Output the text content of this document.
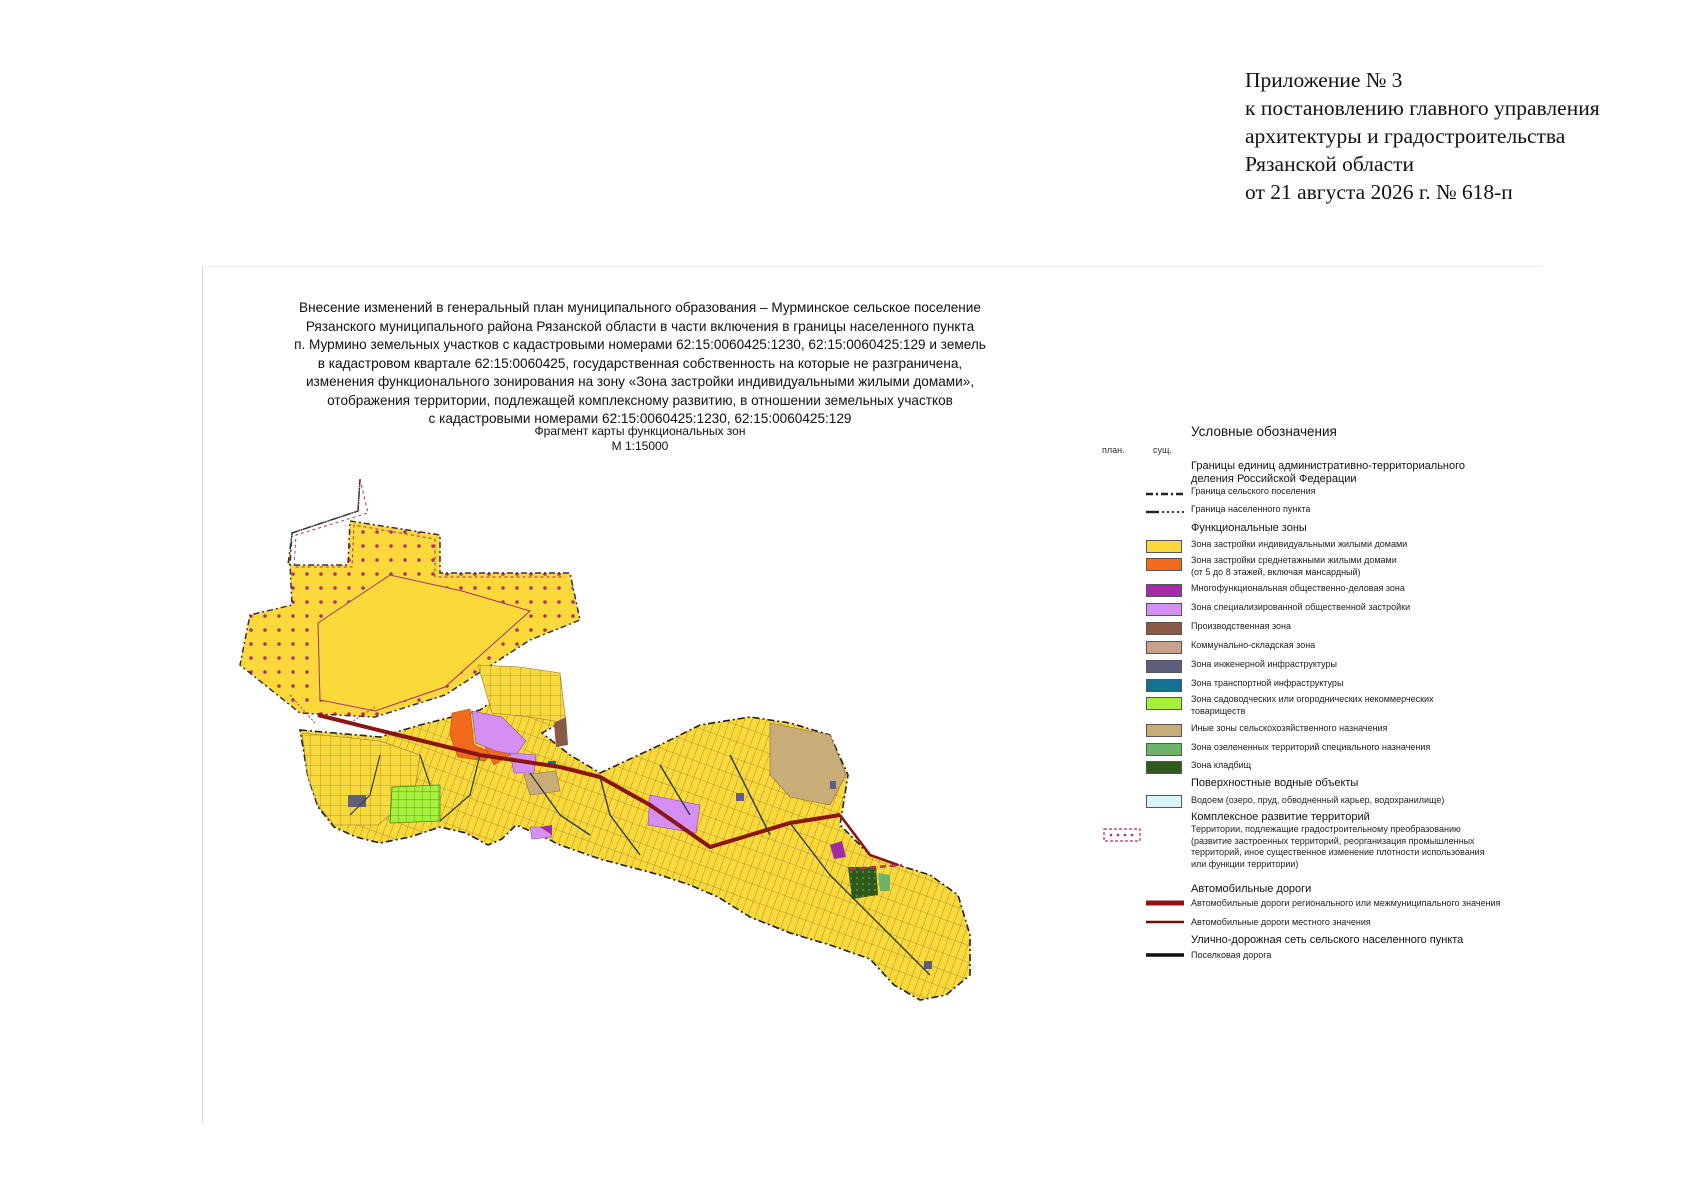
Приложение № 3
к постановлению главного управления
архитектуры и градостроительства
Рязанской области
от 21 августа 2026 г. № 618-п
Внесение изменений в генеральный план муниципального образования – Мурминское сельское поселение
Рязанского муниципального района Рязанской области в части включения в границы населенного пункта
п. Мурмино земельных участков с кадастровыми номерами 62:15:0060425:1230, 62:15:0060425:129 и земель
в кадастровом квартале 62:15:0060425, государственная собственность на которые не разграничена,
изменения функционального зонирования на зону «Зона застройки индивидуальными жилыми домами»,
отображения территории, подлежащей комплексному развитию, в отношении земельных участков
с кадастровыми номерами 62:15:0060425:1230, 62:15:0060425:129
Фрагмент карты функциональных зон
М 1:15000
Условные обозначения
план.	сущ.
Границы единиц административно-территориального
деления Российской Федерации
Граница сельского поселения
Граница населенного пункта
Функциональные зоны
Зона застройки индивидуальными жилыми домами
Зона застройки среднетажными жилыми домами
(от 5 до 8 этажей, включая мансардный)
Многофункциональная общественно-деловая зона
Зона специализированной общественной застройки
Производственная зона
Коммунально-складская зона
Зона инженерной инфраструктуры
Зона транспортной инфраструктуры
Зона садоводческих или огороднических некоммерческих
товариществ
Иные зоны сельскохозяйственного назначения
Зона озелененных территорий специального назначения
Зона кладбищ
Поверхностные водные объекты
Водоем (озеро, пруд, обводненный карьер, водохранилище)
Комплексное развитие территорий
Территории, подлежащие градостроительному преобразованию
(развитие застроенных территорий, реорганизация промышленных
территорий, иное существенное изменение плотности использования
или функции территории)
Автомобильные дороги
Автомобильные дороги регионального или межмуниципального значения
Автомобильные дороги местного значения
Улично-дорожная сеть сельского населенного пункта
Поселковая дорога
